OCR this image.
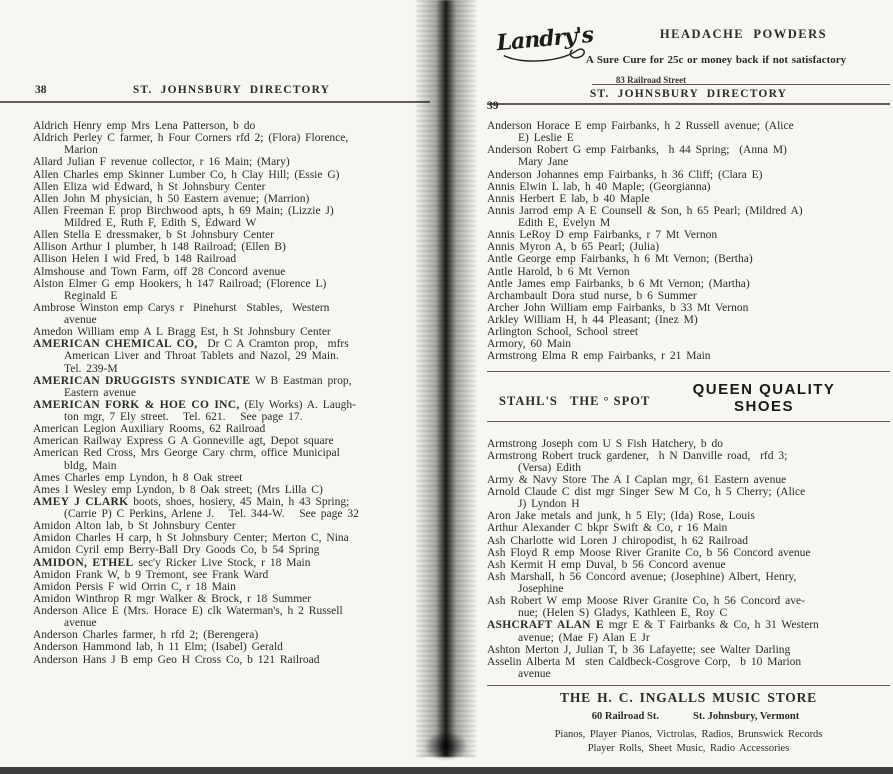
38	ST.  JOHNSBURY  DIRECTORY
Aldrich Henry emp Mrs Lena Patterson, b do
Aldrich Perley C farmer, h Four Corners rfd 2; (Flora) Florence,
Marion
Allard Julian F revenue collector, r 16 Main; (Mary)
Allen Charles emp Skinner Lumber Co, h Clay Hill; (Essie G)
Allen Eliza wid Edward, h St Johnsbury Center
Allen John M physician, h 50 Eastern avenue; (Marrion)
Allen Freeman E prop Birchwood apts, h 69 Main; (Lizzie J)
Mildred E, Ruth F, Edith S, Edward W
Allen Stella E dressmaker, b St Johnsbury Center
Allison Arthur I plumber, h 148 Railroad; (Ellen B)
Allison Helen I wid Fred, b 148 Railroad
Almshouse and Town Farm, off 28 Concord avenue
Alston Elmer G emp Hookers, h 147 Railroad; (Florence L)
Reginald E
Ambrose Winston emp Carys r  Pinehurst  Stables,  Western
avenue
Amedon William emp A L Bragg Est, h St Johnsbury Center
AMERICAN CHEMICAL CO,  Dr C A Cramton prop,  mfrs
American Liver and Throat Tablets and Nazol, 29 Main.
Tel. 239-M
AMERICAN DRUGGISTS SYNDICATE W B Eastman prop,
Eastern avenue
AMERICAN FORK & HOE CO INC, (Ely Works) A. Laugh-
ton mgr, 7 Ely street.   Tel. 621.   See page 17.
American Legion Auxiliary Rooms, 62 Railroad
American Railway Express G A Gonneville agt, Depot square
American Red Cross, Mrs George Cary chrm, office Municipal
bldg, Main
Ames Charles emp Lyndon, h 8 Oak street
Ames I Wesley emp Lyndon, b 8 Oak street; (Mrs Lilla C)
AMEY J CLARK boots, shoes, hosiery, 45 Main, h 43 Spring;
(Carrie P) C Perkins, Arlene J.   Tel. 344-W.   See page 32
Amidon Alton lab, b St Johnsbury Center
Amidon Charles H carp, h St Johnsbury Center; Merton C, Nina
Amidon Cyril emp Berry-Ball Dry Goods Co, b 54 Spring
AMIDON, ETHEL sec'y Ricker Live Stock, r 18 Main
Amidon Frank W, b 9 Tremont, see Frank Ward
Amidon Persis F wid Orrin C, r 18 Main
Amidon Winthrop R mgr Walker & Brock, r 18 Summer
Anderson Alice E (Mrs. Horace E) clk Waterman's, h 2 Russell
avenue
Anderson Charles farmer, h rfd 2; (Berengera)
Anderson Hammond lab, h 11 Elm; (Isabel) Gerald
Anderson Hans J B emp Geo H Cross Co, b 121 Railroad
Landry's	HEADACHE  POWDERS
A Sure Cure for 25c or money back if not satisfactory
83 Railroad Street
ST.  JOHNSBURY  DIRECTORY
39
Anderson Horace E emp Fairbanks, h 2 Russell avenue; (Alice
E) Leslie E
Anderson Robert G emp Fairbanks,  h 44 Spring;  (Anna M)
Mary Jane
Anderson Johannes emp Fairbanks, h 36 Cliff; (Clara E)
Annis Elwin L lab, h 40 Maple; (Georgianna)
Annis Herbert E lab, b 40 Maple
Annis Jarrod emp A E Counsell & Son, h 65 Pearl; (Mildred A)
Edith E, Evelyn M
Annis LeRoy D emp Fairbanks, r 7 Mt Vernon
Annis Myron A, b 65 Pearl; (Julia)
Antle George emp Fairbanks, h 6 Mt Vernon; (Bertha)
Antle Harold, b 6 Mt Vernon
Antle James emp Fairbanks, b 6 Mt Vernon; (Martha)
Archambault Dora stud nurse, b 6 Summer
Archer John William emp Fairbanks, b 33 Mt Vernon
Arkley William H, h 44 Pleasant; (Inez M)
Arlington School, School street
Armory, 60 Main
Armstrong Elma R emp Fairbanks, r 21 Main
STAHL'S   THE ° SPOT
QUEEN QUALITY
SHOES
Armstrong Joseph com U S Fish Hatchery, b do
Armstrong Robert truck gardener,  h N Danville road,  rfd 3;
(Versa) Edith
Army & Navy Store The A I Caplan mgr, 61 Eastern avenue
Arnold Claude C dist mgr Singer Sew M Co, h 5 Cherry; (Alice
J) Lyndon H
Aron Jake metals and junk, h 5 Ely; (Ida) Rose, Louis
Arthur Alexander C bkpr Swift & Co, r 16 Main
Ash Charlotte wid Loren J chiropodist, h 62 Railroad
Ash Floyd R emp Moose River Granite Co, b 56 Concord avenue
Ash Kermit H emp Duval, b 56 Concord avenue
Ash Marshall, h 56 Concord avenue; (Josephine) Albert, Henry,
Josephine
Ash Robert W emp Moose River Granite Co, h 56 Concord ave-
nue; (Helen S) Gladys, Kathleen E, Roy C
ASHCRAFT ALAN E mgr E & T Fairbanks & Co, h 31 Western
avenue; (Mae F) Alan E Jr
Ashton Merton J, Julian T, b 36 Lafayette; see Walter Darling
Asselin Alberta M  sten Caldbeck-Cosgrove Corp,  b 10 Marion
avenue
THE H. C. INGALLS MUSIC STORE
60 Railroad St.	St. Johnsbury, Vermont
Pianos, Player Pianos, Victrolas, Radios, Brunswick Records
Player Rolls, Sheet Music, Radio Accessories
